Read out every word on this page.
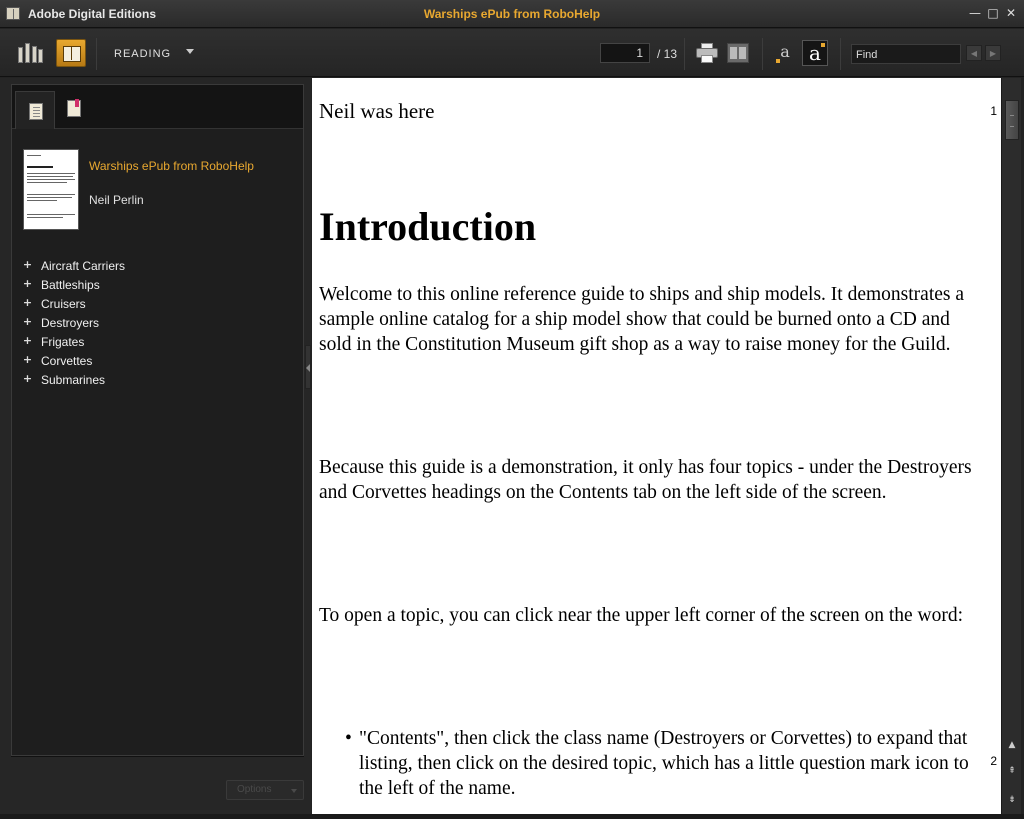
Adobe Digital Editions	Warships ePub from RoboHelp	— □ ✕
READING	1	/ 13	a a	Find	◀	▶
Warships ePub from RoboHelp
Neil Perlin
+ Aircraft Carriers
+ Battleships
+ Cruisers
+ Destroyers
+ Frigates
+ Corvettes
+ Submarines
Options
1
Neil was here
Introduction

Welcome to this online reference guide to ships and ship models. It demonstrates a sample online catalog for a ship model show that could be burned onto a CD and sold in the Constitution Museum gift shop as a way to raise money for the Guild.

Because this guide is a demonstration, it only has four topics - under the Destroyers and Corvettes headings on the Contents tab on the left side of the screen.

To open a topic, you can click near the upper left corner of the screen on the word:

• "Contents", then click the class name (Destroyers or Corvettes) to expand that listing, then click on the desired topic, which has a little question mark icon to the left of the name.

2
▲
⇞
⇟
